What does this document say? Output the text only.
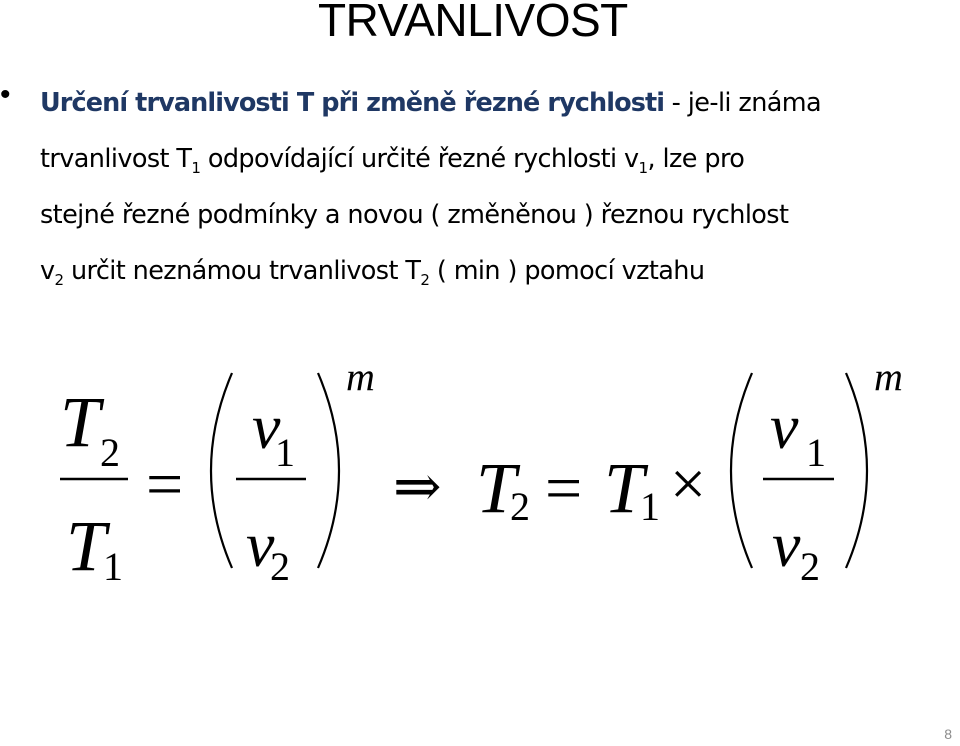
TRVANLIVOST
• Určení trvanlivosti T při změně řezné rychlosti - je-li známa
trvanlivost $T_1$ odpovídající určité řezné rychlosti $v_1$, lze pro
stejné řezné podmínky a novou ( změněnou ) řeznou rychlost
$v_2$ určit neznámou trvanlivost $T_2$ ( min ) pomocí vztahu
T 2
T
1
=
v
1
v
2
m
⇒ T
2 = T
1 ×
v 1
v 2
m
8
